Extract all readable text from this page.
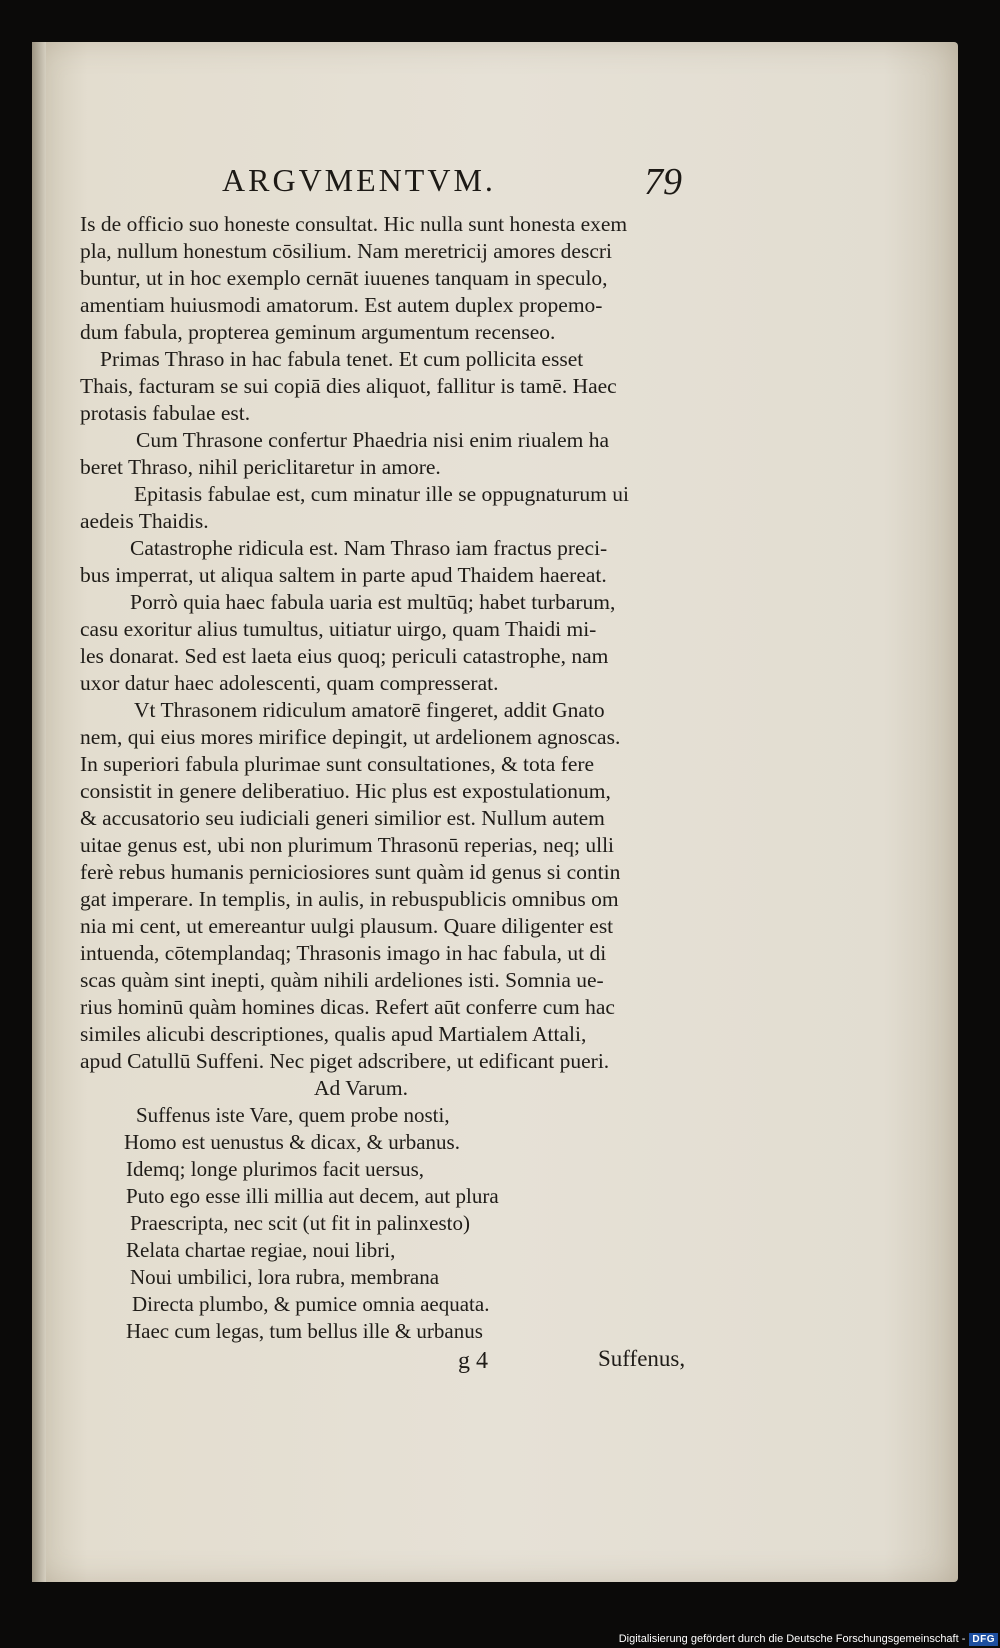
ARGVMENTVM.	79
Is de officio suo honeste consultat. Hic nulla sunt honesta exem
pla, nullum honestum cōsilium. Nam meretricij amores descri
buntur, ut in hoc exemplo cernāt iuuenes tanquam in speculo,
amentiam huiusmodi amatorum. Est autem duplex propemo-
dum fabula, propterea geminum argumentum recenseo.
Primas Thraso in hac fabula tenet. Et cum pollicita esset
Thais, facturam se sui copiā dies aliquot, fallitur is tamē. Haec
protasis fabulae est.
Cum Thrasone confertur Phaedria nisi enim riualem ha
beret Thraso, nihil periclitaretur in amore.
Epitasis fabulae est, cum minatur ille se oppugnaturum ui
aedeis Thaidis.
Catastrophe ridicula est. Nam Thraso iam fractus preci-
bus imperrat, ut aliqua saltem in parte apud Thaidem haereat.
Porrò quia haec fabula uaria est multūq; habet turbarum,
casu exoritur alius tumultus, uitiatur uirgo, quam Thaidi mi-
les donarat. Sed est laeta eius quoq; periculi catastrophe, nam
uxor datur haec adolescenti, quam compresserat.
Vt Thrasonem ridiculum amatorē fingeret, addit Gnato
nem, qui eius mores mirifice depingit, ut ardelionem agnoscas.
In superiori fabula plurimae sunt consultationes, & tota fere
consistit in genere deliberatiuo. Hic plus est expostulationum,
& accusatorio seu iudiciali generi similior est. Nullum autem
uitae genus est, ubi non plurimum Thrasonū reperias, neq; ulli
ferè rebus humanis perniciosiores sunt quàm id genus si contin
gat imperare. In templis, in aulis, in rebuspublicis omnibus om
nia mi cent, ut emereantur uulgi plausum. Quare diligenter est
intuenda, cōtemplandaq; Thrasonis imago in hac fabula, ut di
scas quàm sint inepti, quàm nihili ardeliones isti. Somnia ue-
rius hominū quàm homines dicas. Refert aūt conferre cum hac
similes alicubi descriptiones, qualis apud Martialem Attali,
apud Catullū Suffeni. Nec piget adscribere, ut edificant pueri.
Ad Varum.
Suffenus iste Vare, quem probe nosti,
Homo est uenustus & dicax, & urbanus.
Idemq; longe plurimos facit uersus,
Puto ego esse illi millia aut decem, aut plura
Praescripta, nec scit (ut fit in palinxesto)
Relata chartae regiae, noui libri,
Noui umbilici, lora rubra, membrana
Directa plumbo, & pumice omnia aequata.
Haec cum legas, tum bellus ille & urbanus
g 4	Suffenus,
Digitalisierung gefördert durch die Deutsche Forschungsgemeinschaft - DFG
